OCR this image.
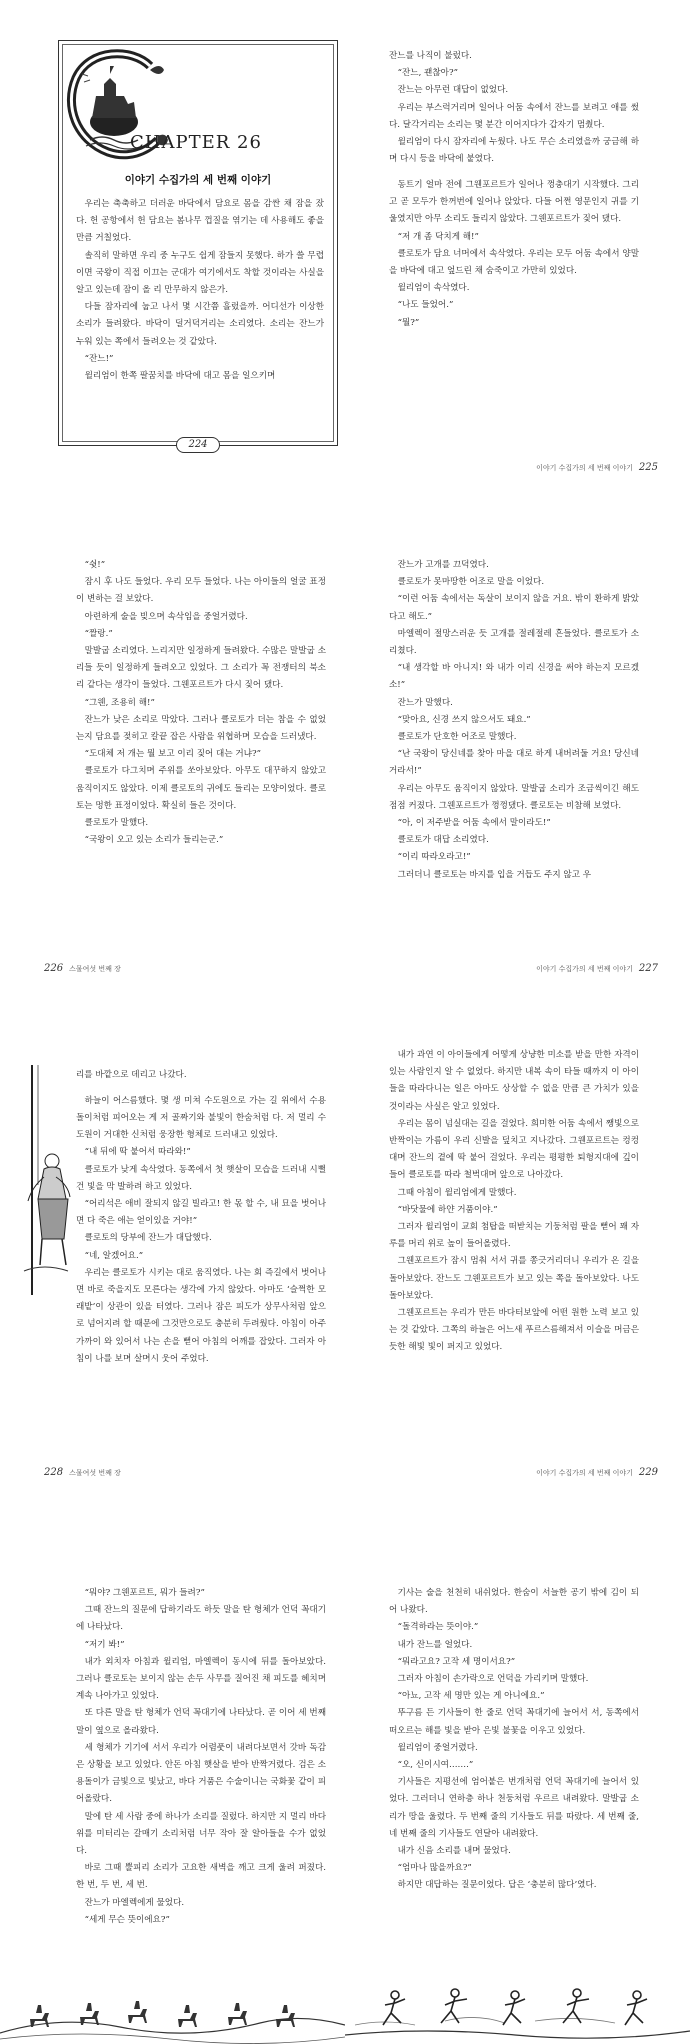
CHAPTER 26
이야기 수집가의 세 번째 이야기

우리는 축축하고 더러운 바닥에서 담요로 몸을 감싼 채 잠을 잤다. 헌 공항에서 헌 담요는 봄나무 껍질을 엮기는 데 사용해도 좋을 만큼 거칠었다.

솔직히 말하면 우리 중 누구도 쉽게 잠들지 못했다. 하가 쓸 무렵이면 국왕이 직접 이끄는 군대가 여기에서도 착할 것이라는 사실을 알고 있는데 잠이 올 리 만무하지 않은가.

다들 잠자리에 눕고 나서 몇 시간쯤 흘렀을까. 어디선가 이상한 소리가 들려왔다. 바닥이 덜거덕거리는 소리였다. 소리는 잔느가 누워 있는 쪽에서 들려오는 것 같았다.

“잔느!”

윌리엄이 한쪽 팔꿈치를 바닥에 대고 몸을 일으키며

224

잔느를 나직이 불렀다.

“잔느, 괜찮아?”

잔느는 아무런 대답이 없었다.

우리는 부스럭거리며 일어나 어둠 속에서 잔느를 보려고 애를 썼다. 달각거리는 소리는 몇 분간 이어지다가 갑자기 멈췄다.

윌리엄이 다시 잠자리에 누웠다. 나도 무슨 소리였을까 궁금해 하며 다시 등을 바닥에 붙였다.

동트기 얼마 전에 그웬포르트가 일어나 껑충대기 시작했다. 그리고 곧 모두가 한꺼번에 일어나 앉았다. 다들 어쩐 영문인지 귀를 기울였지만 아무 소리도 들리지 않았다. 그웬포르트가 짖어 댔다.

“저 개 좀 닥치게 해!”

클로토가 담요 너머에서 속삭였다. 우리는 모두 어둠 속에서 양말을 바닥에 대고 엎드린 채 숨죽이고 가만히 있었다.

윌리엄이 속삭였다.

“나도 들었어.”

“뭘?”

이야기 수집가의 세 번째 이야기 225

“쉿!”

잠시 후 나도 들었다. 우리 모두 들었다. 나는 아이들의 얼굴 표정이 변하는 걸 보았다.

아련하게 술을 빚으며 속삭임을 중얼거렸다.

“짤랑.”

말발굽 소리였다. 느리지만 일정하게 들려왔다. 수많은 말발굽 소리들 듯이 일정하게 들려오고 있었다. 그 소리가 꼭 전쟁터의 북소리 같다는 생각이 들었다. 그웬포르트가 다시 짖어 댔다.

“그웬, 조용히 해!”

잔느가 낮은 소리로 막았다. 그러나 클로토가 더는 참을 수 없었는지 담요를 젖히고 칼끝 잡은 사람을 위협하며 모습을 드러냈다.

“도대체 저 개는 뭘 보고 이리 짖어 대는 거냐?”

클로토가 다그치며 주위를 쏘아보았다. 아무도 대꾸하지 않았고 움직이지도 않았다. 이제 클로토의 귀에도 들리는 모양이었다. 클로토는 멍한 표정이었다. 확실히 들은 것이다.

클로토가 말했다.

“국왕이 오고 있는 소리가 들리는군.”

226 스물여섯 번째 장

잔느가 고개를 끄덕였다.

클로토가 못마땅한 어조로 말을 이었다.

“이런 어둠 속에서는 독살이 보이지 않을 거요. 밖이 환하게 밝았다고 해도.”

마엘렉이 절망스러운 듯 고개를 절레절레 흔들었다. 클로토가 소리쳤다.

“내 생각할 바 아니지! 와 내가 이리 신경을 써야 하는지 모르겠소!”

잔느가 말했다.

“맞아요, 신경 쓰지 않으셔도 돼요.”

클로토가 단호한 어조로 말했다.

“난 국왕이 당신네를 찾아 마을 대로 하게 내버려둘 거요! 당신네 거라서!”

우리는 아무도 움직이지 않았다. 말발굽 소리가 조금씩이긴 해도 점점 커졌다. 그웬포르트가 껑껑댔다. 클로토는 비참해 보였다.

“아, 이 저주받을 어둠 속에서 말이라도!”

클로토가 대답 소리였다.

“이리 따라오라고!”

그러더니 클로토는 바지를 입을 거듭도 주지 않고 우

이야기 수집가의 세 번째 이야기 227

리를 바깥으로 데리고 나갔다.

하늘이 어스름했다. 몇 생 미쳐 수도원으로 가는 길 위에서 수용돌이처럼 피어오는 게 저 골짜기와 불빛이 한숨처럼 다. 저 멀리 수도원이 거대한 신처럼 웅장한 형체로 드러내고 있었다.

“내 뒤에 딱 붙어서 따라와!”

클로토가 낮게 속삭였다. 동쪽에서 첫 햇살이 모습을 드러내 시뻘건 빛을 막 발하려 하고 있었다.

“어리석은 애비 잘되지 않길 빌라고! 한 몫 할 수, 내 묘을 벗어나면 다 죽은 애는 얻이있을 거야!”

클로토의 당부에 잔느가 대답했다.

“네, 알겠어요.”

우리는 클로토가 시키는 대로 움직였다. 나는 회 즉길에서 벗어나면 바로 죽을지도 모른다는 생각에 가지 않았다. 아마도 ‘슬쩍한 모래밭’이 상관이 있을 터였다. 그러나 잠은 피도가 상무사처럼 앞으로 넘어지려 할 때문에 그것만으로도 충분히 두려웠다. 아침이 아주 가까이 와 있어서 나는 손을 뻗어 아침의 어깨를 잡았다. 그러자 아침이 나를 보며 살며시 웃어 주었다.

228 스물여섯 번째 장

내가 과연 이 아이들에게 어떻게 상냥한 미소를 받을 만한 자격이 있는 사람인지 알 수 없었다. 하지만 내복 속이 타들 때까지 이 아이들을 따라다니는 일은 아마도 상상할 수 없을 만큼 큰 가치가 있을 것이라는 사실은 알고 있었다.

우리는 몸이 넘실대는 길을 걸었다. 희미한 어둠 속에서 쨍빛으로 반짝이는 가름이 우리 신발을 덮치고 지나갔다. 그웬포르트는 컹컹대며 잔느의 곁에 딱 붙어 걸었다. 우리는 평평한 퇴형지대에 깊이 들어 클로토를 따라 철벅대며 앞으로 나아갔다.

그때 아침이 윌리엄에게 말했다.

“바닷물에 하얀 거품이야.”

그러자 윌리엄이 교회 첨탑을 떠받치는 기둥처럼 팔을 뻗어 꽤 자루를 머리 위로 높이 들어올렸다.

그웬포르트가 잠시 멈춰 서서 귀를 쫑긋거리더니 우리가 온 길을 돌아보았다. 잔느도 그웬포르트가 보고 있는 쪽을 돌아보았다. 나도 돌아보았다.

그웬포르트는 우리가 만든 바다터보앞에 어떤 원한 노력 보고 있는 것 같았다. 그쪽의 하늘은 어느새 푸르스름해져서 이슬을 머금은 듯한 해빛 빛이 퍼지고 있었다.

이야기 수집가의 세 번째 이야기 229

“뭐야? 그웬포르트, 뭐가 들려?”

그때 잔느의 질문에 답하기라도 하듯 말을 탄 형체가 언덕 꼭대기에 나타났다.

“저기 봐!”

내가 외치자 아침과 윌리엄, 마엘렉이 동시에 뒤를 돌아보았다. 그러나 클로토는 보이지 않는 손두 사무를 질어진 채 피도를 헤치며 계속 나아가고 있었다.

또 다른 말을 탄 형체가 언덕 꼭대기에 나타났다. 곧 이어 세 번째 말이 옆으로 올라왔다.

세 형체가 기기에 서서 우리가 어렴풋이 내려다보면서 갓바 독감은 상황을 보고 있었다. 안돈 아침 햇살을 받아 반짝거렸다. 검은 소용돌이가 금빛으로 빛났고, 바다 거품은 수술이니는 국화꽃 같이 피어올랐다.

말에 탄 세 사람 중에 하나가 소리를 질렀다. 하지만 지 멀리 바다 위를 미터리는 갈매기 소리처럼 너무 작아 잘 알아들을 수가 없었다.

바로 그때 뿔피리 소리가 고요한 새벽을 깨고 크게 울려 퍼졌다. 한 번, 두 번, 세 번.

잔느가 마엘렉에게 물었다.

“세게 무슨 뜻이에요?”

기사는 술을 천천히 내쉬었다. 한숨이 서늘한 공기 밖에 김이 되어 나왔다.

“돌격하라는 뜻이야.”

내가 잔느를 얼었다.

“뭐라고요? 고작 세 명이서요?”

그러자 아침이 손가락으로 언덕을 가리키며 말했다.

“아뇨, 고작 세 명만 있는 게 아니에요.”

뚜구름 든 기사들이 한 줄로 언덕 꼭대기에 늘어서 서, 동쪽에서 떠오르는 해를 빛을 받아 은빛 불꽃을 이우고 있었다.

윌리엄이 중얼거렸다.

“오, 신이시여…….”

기사들은 지평선에 엄어붙은 번개처럼 언덕 꼭대기에 늘어서 있었다. 그러더니 연하층 하나 천둥처럼 우르르 내려왔다. 말발굽 소리가 땅을 울렸다. 두 번째 줄의 기사들도 뒤를 따랐다. 세 번째 줄, 네 번째 줄의 기사들도 연달아 내려왔다.

내가 신음 소리를 내며 물었다.

“엄마나 많을까요?”

하지만 대답하는 질문이었다. 답은 ‘충분히 많다’였다.
